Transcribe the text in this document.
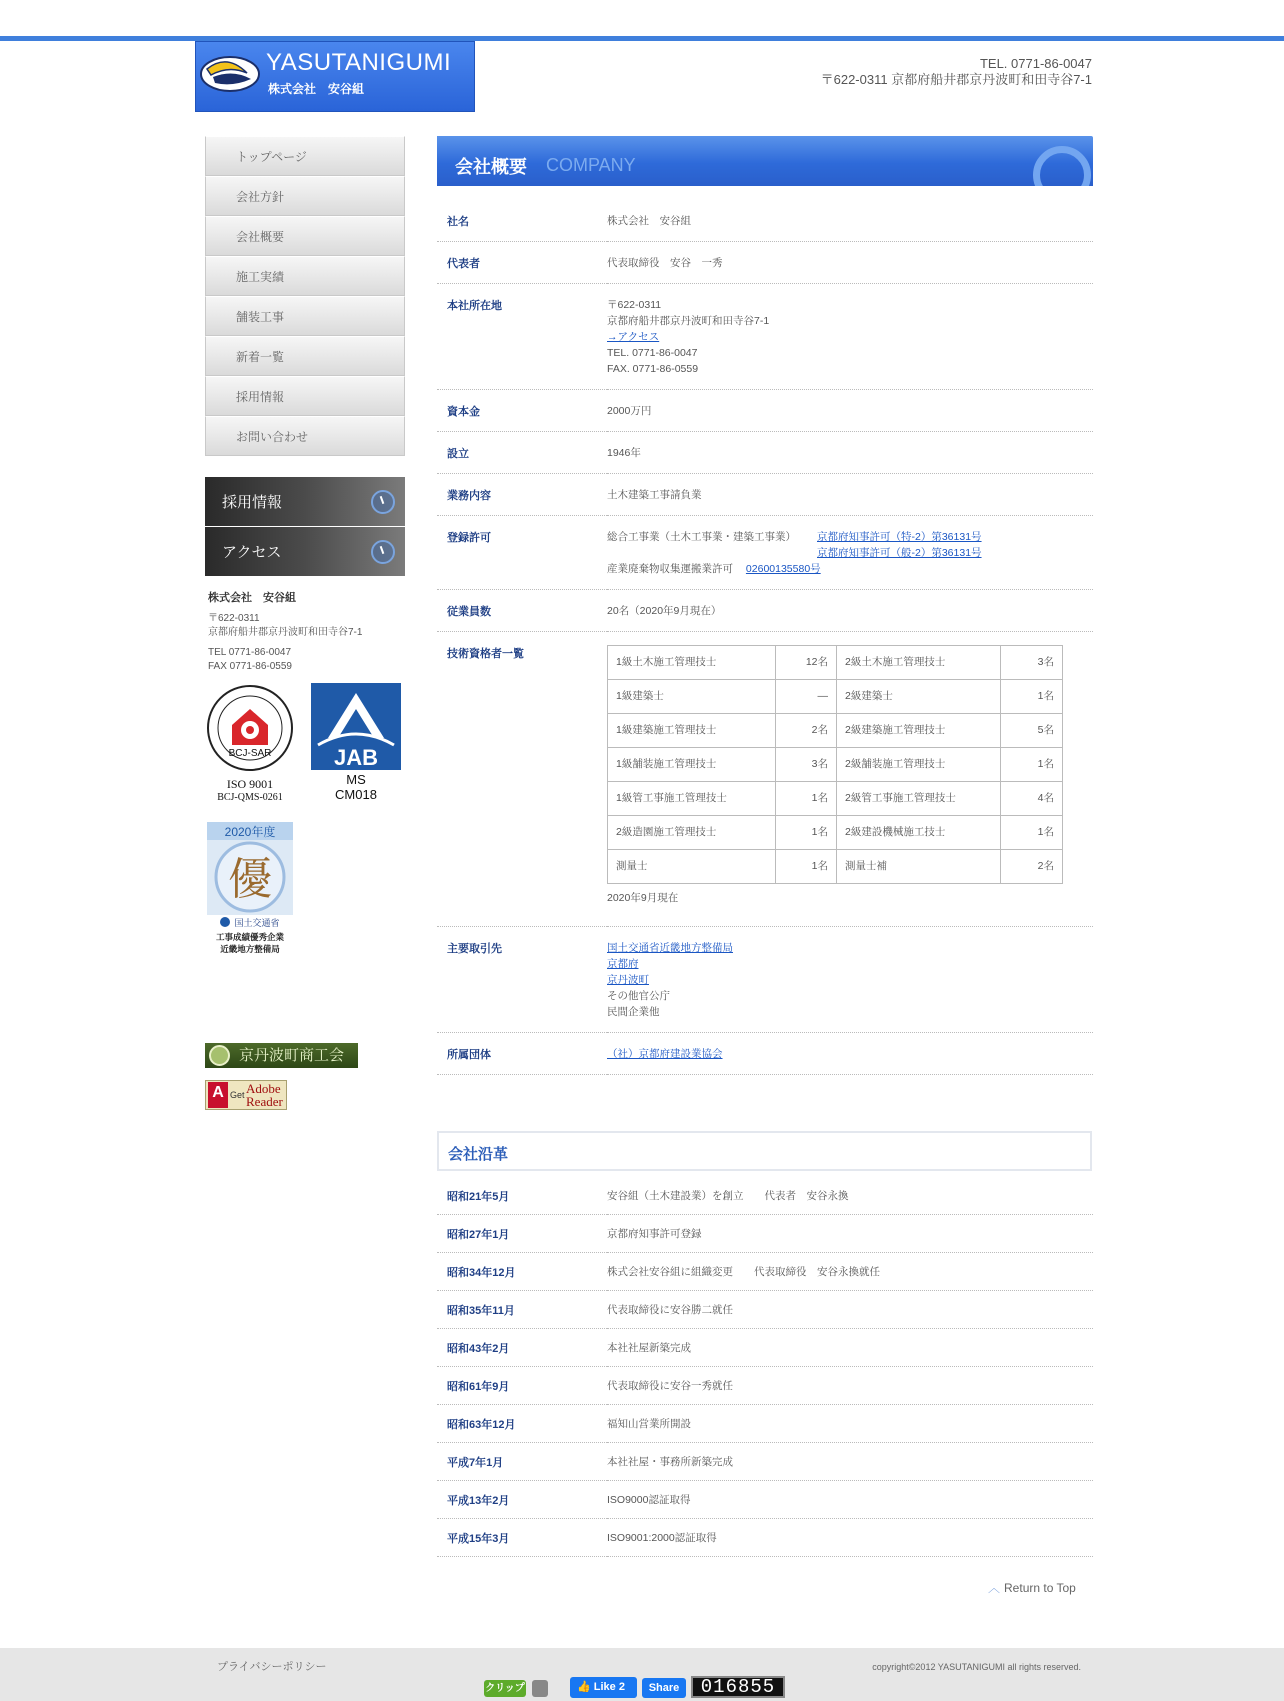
YASUTANIGUMI
株式会社　安谷組
TEL. 0771-86-0047
〒622-0311 京都府船井郡京丹波町和田寺谷7-1
トップページ
会社方針
会社概要
施工実績
舗装工事
新着一覧
採用情報
お問い合わせ
採用情報
アクセス
株式会社　安谷組
〒622-0311
京都府船井郡京丹波町和田寺谷7-1
TEL 0771-86-0047
FAX 0771-86-0559
BCJ-SAR
ISO 9001
BCJ-QMS-0261
JAB
MS
CM018
2020年度
優
国土交通省
工事成績優秀企業
近畿地方整備局
京丹波町商工会
A Get Adobe
Reader
会社概要 COMPANY
社名	株式会社　安谷組
代表者	代表取締役　安谷　一秀
本社所在地	〒622-0311
京都府船井郡京丹波町和田寺谷7-1
→アクセス
TEL. 0771-86-0047
FAX. 0771-86-0559

資本金	2000万円
設立	1946年
業務内容	土木建築工事請負業
登録許可	総合工事業（土木工事業・建築工事業） 京都府知事許可（特-2）第36131号
京都府知事許可（般-2）第36131号
産業廃棄物収集運搬業許可 02600135580号

従業員数	20名（2020年9月現在）
技術資格者一覧	
1級土木施工管理技士	12名	2級土木施工管理技士	3名
1級建築士	—	2級建築士	1名
1級建築施工管理技士	2名	2級建築施工管理技士	5名
1級舗装施工管理技士	3名	2級舗装施工管理技士	1名
1級管工事施工管理技士	1名	2級管工事施工管理技士	4名
2級造園施工管理技士	1名	2級建設機械施工技士	1名
測量士	1名	測量士補	2名
2020年9月現在

主要取引先	国土交通省近畿地方整備局
京都府
京丹波町
その他官公庁
民間企業他

所属団体	（社）京都府建設業協会
会社沿革
昭和21年5月	安谷組（土木建設業）を創立　　代表者　安谷永換
昭和27年1月	京都府知事許可登録
昭和34年12月	株式会社安谷組に組織変更　　代表取締役　安谷永換就任
昭和35年11月	代表取締役に安谷勝二就任
昭和43年2月	本社社屋新築完成
昭和61年9月	代表取締役に安谷一秀就任
昭和63年12月	福知山営業所開設
平成7年1月	本社社屋・事務所新築完成
平成13年2月	ISO9000認証取得
平成15年3月	ISO9001:2000認証取得
︿ Return to Top
プライバシーポリシー	copyright©2012 YASUTANIGUMI all rights reserved.
クリップ	👍 Like 2	Share	016855
